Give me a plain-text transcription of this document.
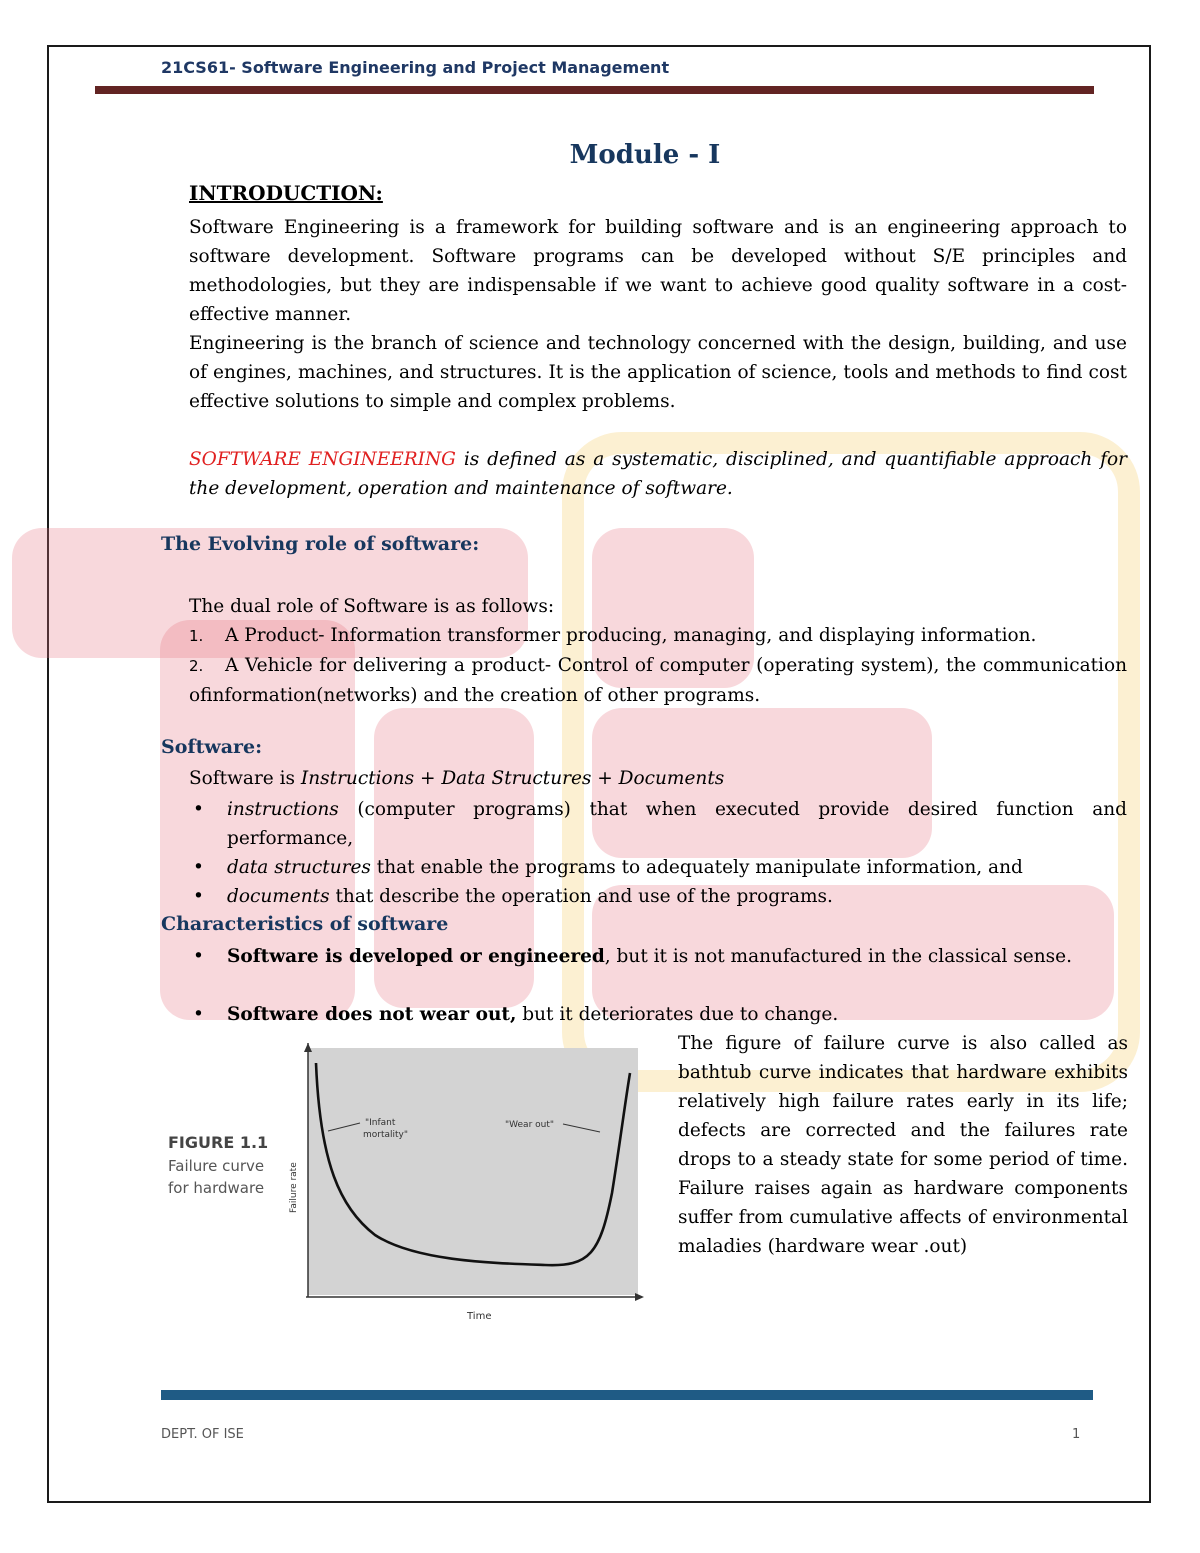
21CS61- Software Engineering and Project Management
Module - I
INTRODUCTION:
Software Engineering is a framework for building software and is an engineering approach to software development. Software programs can be developed without S/E principles and methodologies, but they are indispensable if we want to achieve good quality software in a cost-effective manner.
Engineering is the branch of science and technology concerned with the design, building, and use of engines, machines, and structures. It is the application of science, tools and methods to find cost effective solutions to simple and complex problems.
SOFTWARE ENGINEERING is defined as a systematic, disciplined, and quantifiable approach for the development, operation and maintenance of software.
The Evolving role of software:
The dual role of Software is as follows:
1. A Product- Information transformer producing, managing, and displaying information.
2. A Vehicle for delivering a product- Control of computer (operating system), the communication ofinformation(networks) and the creation of other programs.
Software:
Software is Instructions + Data Structures + Documents
• instructions (computer programs) that when executed provide desired function and performance,
• data structures that enable the programs to adequately manipulate information, and
• documents that describe the operation and use of the programs.
Characteristics of software
• Software is developed or engineered, but it is not manufactured in the classical sense.
• Software does not wear out, but it deteriorates due to change.
FIGURE 1.1
Failure curve
for hardware	Failure rate
Time
"Infant
mortality"
"Wear out"
The figure of failure curve is also called as bathtub curve indicates that hardware exhibits relatively high failure rates early in its life; defects are corrected and the failures rate drops to a steady state for some period of time. Failure raises again as hardware components suffer from cumulative affects of environmental maladies (hardware wear .out)
DEPT. OF ISE	1
